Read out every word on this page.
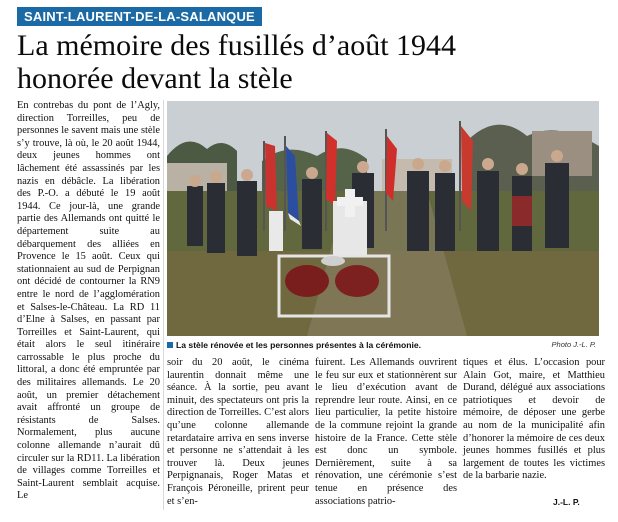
SAINT-LAURENT-DE-LA-SALANQUE
La mémoire des fusillés d’août 1944
honorée devant la stèle

En contrebas du pont de l’Agly, direction Torreilles, peu de personnes le savent mais une stèle s’y trouve, là où, le 20 août 1944, deux jeunes hommes ont lâchement été assassinés par les nazis en débâcle. La libération des P.-O. a débuté le 19 août 1944. Ce jour-là, une grande partie des Allemands ont quitté le département suite au débarquement des alliées en Provence le 15 août. Ceux qui stationnaient au sud de Perpignan ont décidé de contourner la RN9 entre le nord de l’agglomération et Salses-le-Château. La RD 11 d’Elne à Salses, en passant par Torreilles et Saint-Laurent, qui était alors le seul itinéraire carrossable le plus proche du littoral, a donc été empruntée par des militaires allemands. Le 20 août, un premier détachement avait affronté un groupe de résistants de Salses. Normalement, plus aucune colonne allemande n’aurait dû circuler sur la RD11. La libération de villages comme Torreilles et Saint-Laurent semblait acquise. Le

La stèle rénovée et les personnes présentes à la cérémonie.	Photo J.-L. P.

soir du 20 août, le cinéma laurentin donnait même une séance. À la sortie, peu avant minuit, des spectateurs ont pris la direction de Torreilles. C’est alors qu’une colonne allemande retardataire arriva en sens inverse et personne ne s’attendait à les trouver là. Deux jeunes Perpignanais, Roger Matas et François Péroneille, prirent peur et s’en-

fuirent. Les Allemands ouvrirent le feu sur eux et stationnèrent sur le lieu d’exécution avant de reprendre leur route. Ainsi, en ce lieu particulier, la petite histoire de la commune rejoint la grande histoire de la France. Cette stèle est donc un symbole. Dernièrement, suite à sa rénovation, une cérémonie s’est tenue en présence des associations patrio-

tiques et élus. L’occasion pour Alain Got, maire, et Matthieu Durand, délégué aux associations patriotiques et devoir de mémoire, de déposer une gerbe au nom de la municipalité afin d’honorer la mémoire de ces deux jeunes hommes fusillés et plus largement de toutes les victimes de la barbarie nazie.

J.-L. P.
